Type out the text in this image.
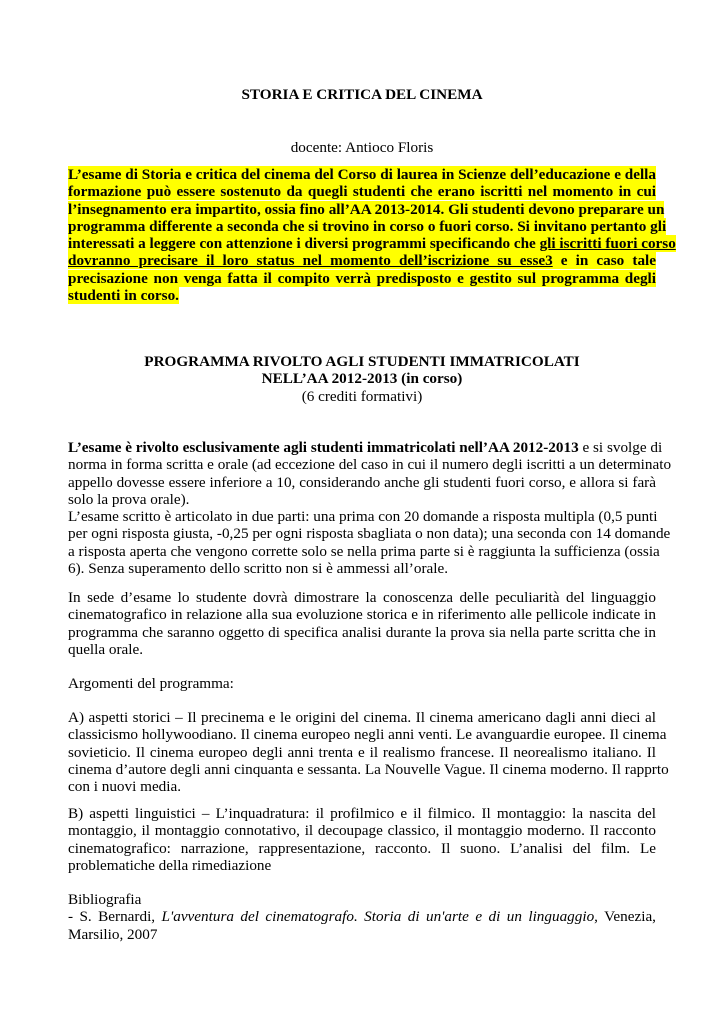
STORIA E CRITICA DEL CINEMA
docente: Antioco Floris
L’esame di Storia e critica del cinema del Corso di laurea in Scienze dell’educazione e della
formazione può essere sostenuto da quegli studenti che erano iscritti nel momento in cui
l’insegnamento era impartito, ossia fino all’AA 2013-2014. Gli studenti devono preparare un
programma differente a seconda che si trovino in corso o fuori corso. Si invitano pertanto gli
interessati a leggere con attenzione i diversi programmi specificando che gli iscritti fuori corso
dovranno precisare il loro status nel momento dell’iscrizione su esse3 e in caso tale
precisazione non venga fatta il compito verrà predisposto e gestito sul programma degli
studenti in corso.
PROGRAMMA RIVOLTO AGLI STUDENTI IMMATRICOLATI
NELL’AA 2012-2013 (in corso)
(6 crediti formativi)
L’esame è rivolto esclusivamente agli studenti immatricolati nell’AA 2012-2013 e si svolge di
norma in forma scritta e orale (ad eccezione del caso in cui il numero degli iscritti a un determinato
appello dovesse essere inferiore a 10, considerando anche gli studenti fuori corso, e allora si farà
solo la prova orale).
L’esame scritto è articolato in due parti: una prima con 20 domande a risposta multipla (0,5 punti
per ogni risposta giusta, -0,25 per ogni risposta sbagliata o non data); una seconda con 14 domande
a risposta aperta che vengono corrette solo se nella prima parte si è raggiunta la sufficienza (ossia
6). Senza superamento dello scritto non si è ammessi all’orale.
In sede d’esame lo studente dovrà dimostrare la conoscenza delle peculiarità del linguaggio
cinematografico in relazione alla sua evoluzione storica e in riferimento alle pellicole indicate in
programma che saranno oggetto di specifica analisi durante la prova sia nella parte scritta che in
quella orale.
Argomenti del programma:
A) aspetti storici – Il precinema e le origini del cinema. Il cinema americano dagli anni dieci al
classicismo hollywoodiano. Il cinema europeo negli anni venti. Le avanguardie europee. Il cinema
sovieticio. Il cinema europeo degli anni trenta e il realismo francese. Il neorealismo italiano. Il
cinema d’autore degli anni cinquanta e sessanta. La Nouvelle Vague. Il cinema moderno. Il rapprto
con i nuovi media.
B) aspetti linguistici – L’inquadratura: il profilmico e il filmico. Il montaggio: la nascita del
montaggio, il montaggio connotativo, il decoupage classico, il montaggio moderno. Il racconto
cinematografico: narrazione, rappresentazione, racconto. Il suono. L’analisi del film. Le
problematiche della rimediazione
Bibliografia
- S. Bernardi, L'avventura del cinematografo. Storia di un'arte e di un linguaggio, Venezia,
Marsilio, 2007
